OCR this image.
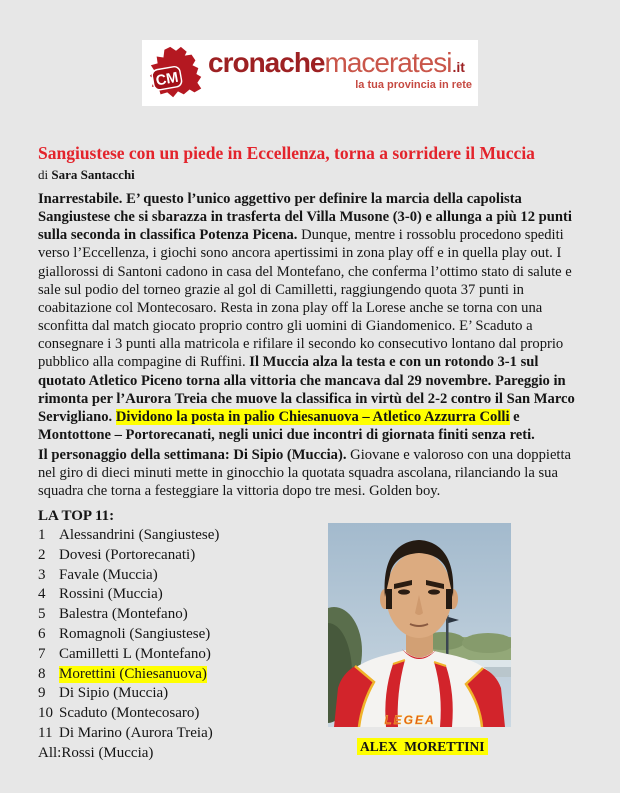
CM
cronache maceratesi .it
la tua provincia in rete
Sangiustese con un piede in Eccellenza, torna a sorridere il Muccia
di Sara Santacchi

Inarrestabile. E’ questo l’unico aggettivo per definire la marcia della capolista Sangiustese che si sbarazza in trasferta del Villa Musone (3-0) e allunga a più 12 punti sulla seconda in classifica Potenza Picena. Dunque, mentre i rossoblu procedono spediti verso l’Eccellenza, i giochi sono ancora apertissimi in zona play off e in quella play out. I giallorossi di Santoni cadono in casa del Montefano, che conferma l’ottimo stato di salute e sale sul podio del torneo grazie al gol di Camilletti, raggiungendo quota 37 punti in coabitazione col Montecosaro. Resta in zona play off la Lorese anche se torna con una sconfitta dal match giocato proprio contro gli uomini di Giandomenico. E’ Scaduto a consegnare i 3 punti alla matricola e rifilare il secondo ko consecutivo lontano dal proprio pubblico alla compagine di Ruffini. Il Muccia alza la testa e con un rotondo 3-1 sul quotato Atletico Piceno torna alla vittoria che mancava dal 29 novembre. Pareggio in rimonta per l’Aurora Treia che muove la classifica in virtù del 2-2 contro il San Marco Servigliano. Dividono la posta in palio Chiesanuova – Atletico Azzurra Colli e Montottone – Portorecanati, negli unici due incontri di giornata finiti senza reti.

Il personaggio della settimana: Di Sipio (Muccia). Giovane e valoroso con una doppietta nel giro di dieci minuti mette in ginocchio la quotata squadra ascolana, rilanciando la sua squadra che torna a festeggiare la vittoria dopo tre mesi. Golden boy.

LA TOP 11:
1 Alessandrini (Sangiustese)
2 Dovesi (Portorecanati)
3 Favale (Muccia)
4 Rossini (Muccia)
5 Balestra (Montefano)
6 Romagnoli (Sangiustese)
7 Camilletti L (Montefano)
8 Morettini (Chiesanuova)
9 Di Sipio (Muccia)
10 Scaduto (Montecosaro)
11 Di Marino (Aurora Treia)
All: Rossi (Muccia)
LEGEA
ALEX  MORETTINI
